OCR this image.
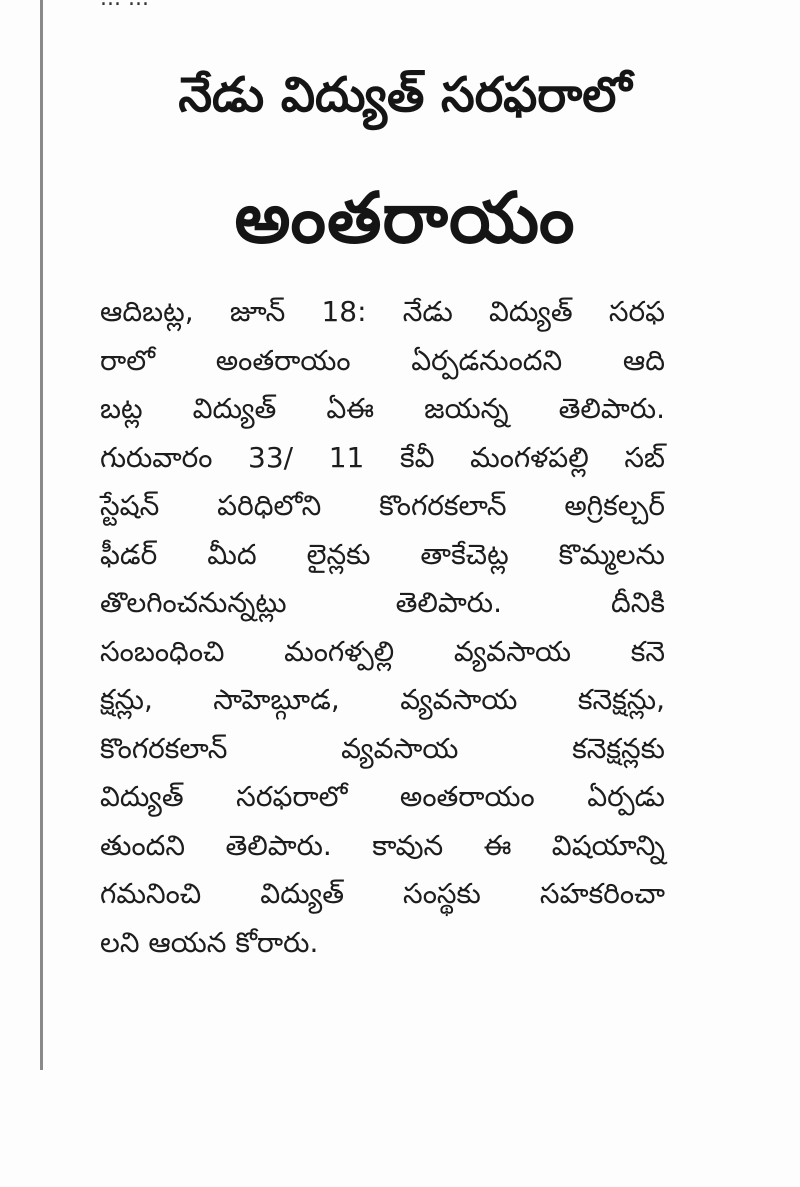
నేడు విద్యుత్ సరఫరాలో
అంతరాయం
ఆదిబట్ల, జూన్ 18: నేడు విద్యుత్ సరఫ
రాలో అంతరాయం ఏర్పడనుందని ఆది
బట్ల విద్యుత్ ఏఈ జయన్న తెలిపారు.
గురువారం 33/ 11 కేవీ మంగళపల్లి సబ్
స్టేషన్ పరిధిలోని కొంగరకలాన్ అగ్రికల్చర్
ఫీడర్ మీద లైన్లకు తాకేచెట్ల కొమ్మలను
తొలగించనున్నట్లు తెలిపారు. దీనికి
సంబంధించి మంగళ్పల్లి వ్యవసాయ కనె
క్షన్లు, సాహెబ్గూడ, వ్యవసాయ కనెక్షన్లు,
కొంగరకలాన్ వ్యవసాయ కనెక్షన్లకు
విద్యుత్ సరఫరాలో అంతరాయం ఏర్పడు
తుందని తెలిపారు. కావున ఈ విషయాన్ని
గమనించి విద్యుత్ సంస్థకు సహకరించా
లని ఆయన కోరారు.
